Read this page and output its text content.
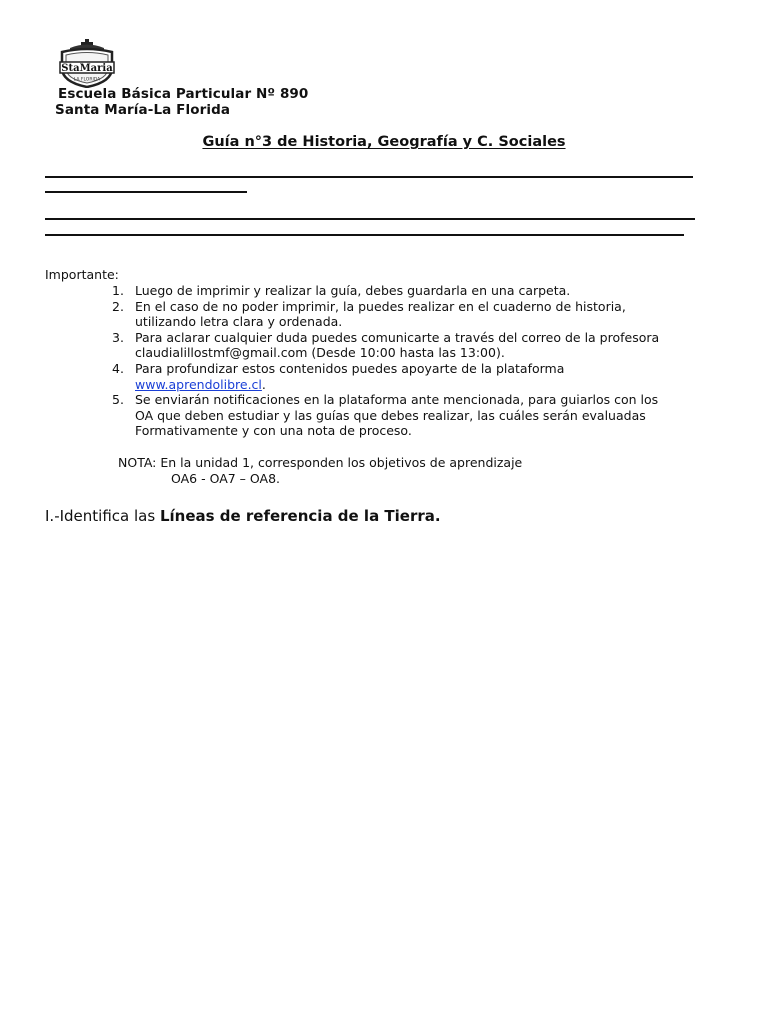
StaMaria
LA FLORIDA
Escuela Básica Particular Nº 890
Santa María-La Florida
Guía n°3 de Historia, Geografía y C. Sociales
Importante:
1. Luego de imprimir y realizar la guía, debes guardarla en una carpeta.
2. En el caso de no poder imprimir, la puedes realizar en el cuaderno de historia,
utilizando letra clara y ordenada.
3. Para aclarar cualquier duda puedes comunicarte a través del correo de la profesora
claudialillostmf@gmail.com (Desde 10:00 hasta las 13:00).
4. Para profundizar estos contenidos puedes apoyarte de la plataforma
www.aprendolibre.cl.
5. Se enviarán notificaciones en la plataforma ante mencionada, para guiarlos con los
OA que deben estudiar y las guías que debes realizar, las cuáles serán evaluadas
Formativamente y con una nota de proceso.
NOTA: En la unidad 1, corresponden los objetivos de aprendizaje
OA6 - OA7 – OA8.
I.-Identifica las Líneas de referencia de la Tierra.
